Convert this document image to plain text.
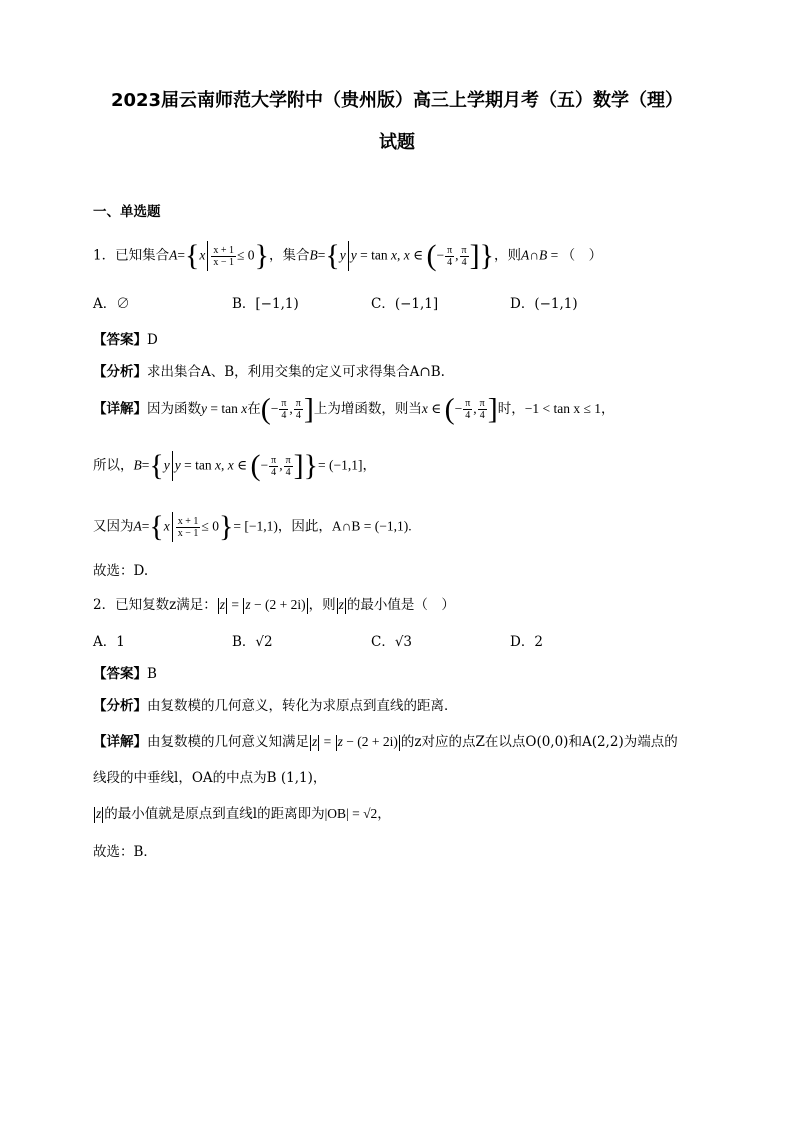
2023届云南师范大学附中（贵州版）高三上学期月考（五）数学（理）
试题
一、单选题
1．已知集合$A=\{x \frac{x + 1}{x - 1} \le 0\}$，集合B={y y = tan x, x ∈ (− $\frac{\pi}{4}$ , $\frac{\pi}{4}$ ]}，则A∩B = （　）
A．∅	B．[−1,1)	C．(−1,1]	D．(−1,1)
【答案】D
【分析】求出集合A、B，利用交集的定义可求得集合A∩B.
【详解】因为函数y = tan x在(− $\frac{\pi}{4}$ , $\frac{\pi}{4}$ ]上为增函数，则当x ∈ (− $\frac{\pi}{4}$ , $\frac{\pi}{4}$ ]时，−1 < tan x ≤ 1，
所以，B={y y = tan x, x ∈ (− $\frac{\pi}{4}$ , $\frac{\pi}{4}$ ]}= (−1,1]，
又因为$A=\{x \frac{x + 1}{x - 1} \le 0\}= [-1,1)$，因此，A∩B = (−1,1).
故选：D.
2．已知复数z满足： z = z − (2 + 2i) ，则 z 的最小值是（　）
A．1	B．√2	C．√3	D．2
【答案】B
【分析】由复数模的几何意义，转化为求原点到直线的距离．
【详解】由复数模的几何意义知满足 z = z − (2 + 2i) 的z对应的点Z在以点O(0,0)和A(2,2)为端点的
线段的中垂线l，OA的中点为B (1,1)，
z 的最小值就是原点到直线l的距离即为|OB| = √2，
故选：B．
